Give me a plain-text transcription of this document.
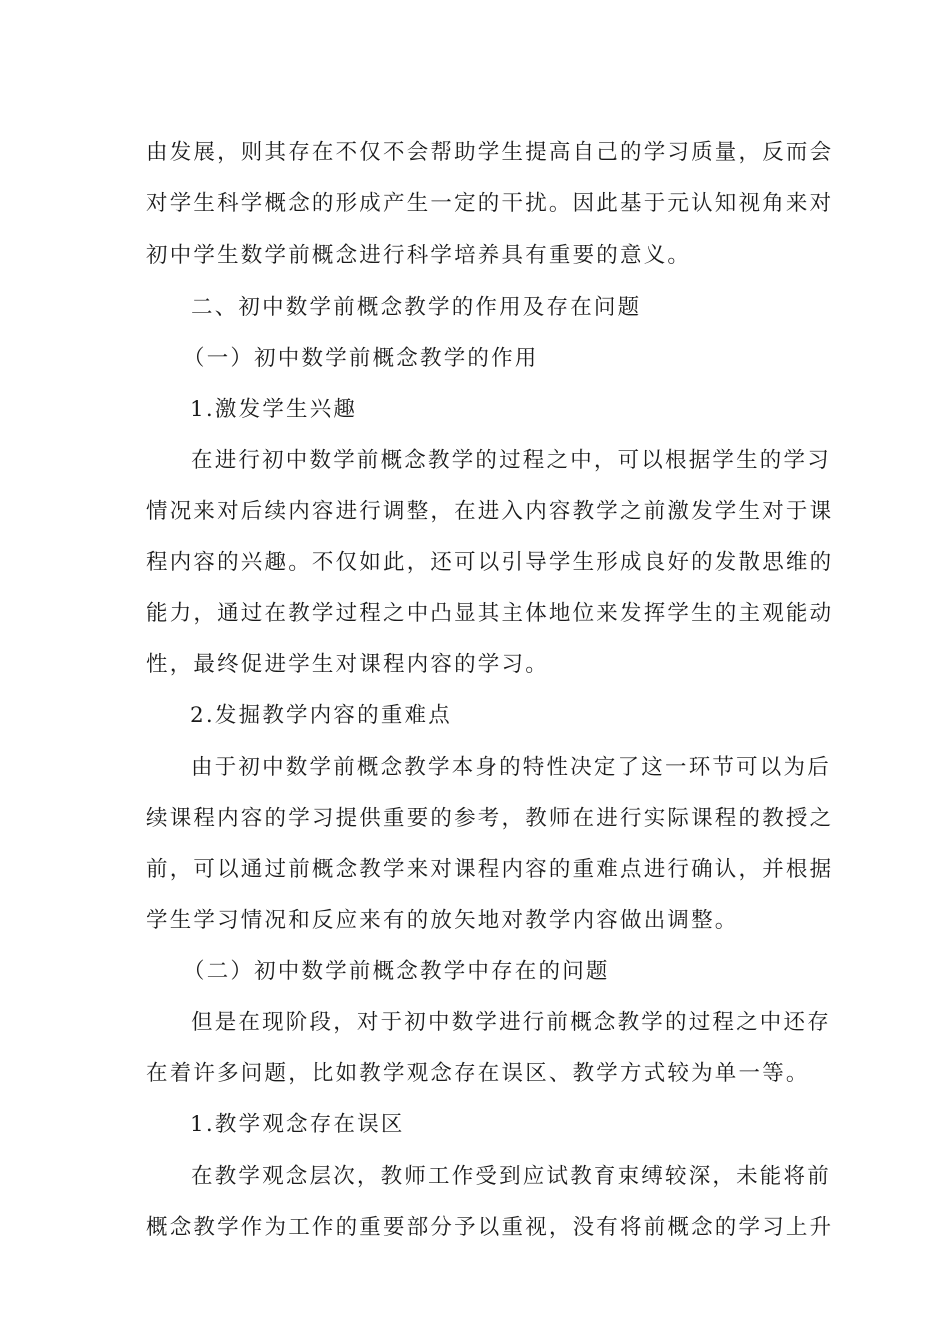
由发展，则其存在不仅不会帮助学生提高自己的学习质量，反而会
对学生科学概念的形成产生一定的干扰。因此基于元认知视角来对
初中学生数学前概念进行科学培养具有重要的意义。
二、初中数学前概念教学的作用及存在问题
（一）初中数学前概念教学的作用
1.激发学生兴趣
在进行初中数学前概念教学的过程之中，可以根据学生的学习
情况来对后续内容进行调整，在进入内容教学之前激发学生对于课
程内容的兴趣。不仅如此，还可以引导学生形成良好的发散思维的
能力，通过在教学过程之中凸显其主体地位来发挥学生的主观能动
性，最终促进学生对课程内容的学习。
2.发掘教学内容的重难点
由于初中数学前概念教学本身的特性决定了这一环节可以为后
续课程内容的学习提供重要的参考，教师在进行实际课程的教授之
前，可以通过前概念教学来对课程内容的重难点进行确认，并根据
学生学习情况和反应来有的放矢地对教学内容做出调整。
（二）初中数学前概念教学中存在的问题
但是在现阶段，对于初中数学进行前概念教学的过程之中还存
在着许多问题，比如教学观念存在误区、教学方式较为单一等。
1.教学观念存在误区
在教学观念层次，教师工作受到应试教育束缚较深，未能将前
概念教学作为工作的重要部分予以重视，没有将前概念的学习上升
